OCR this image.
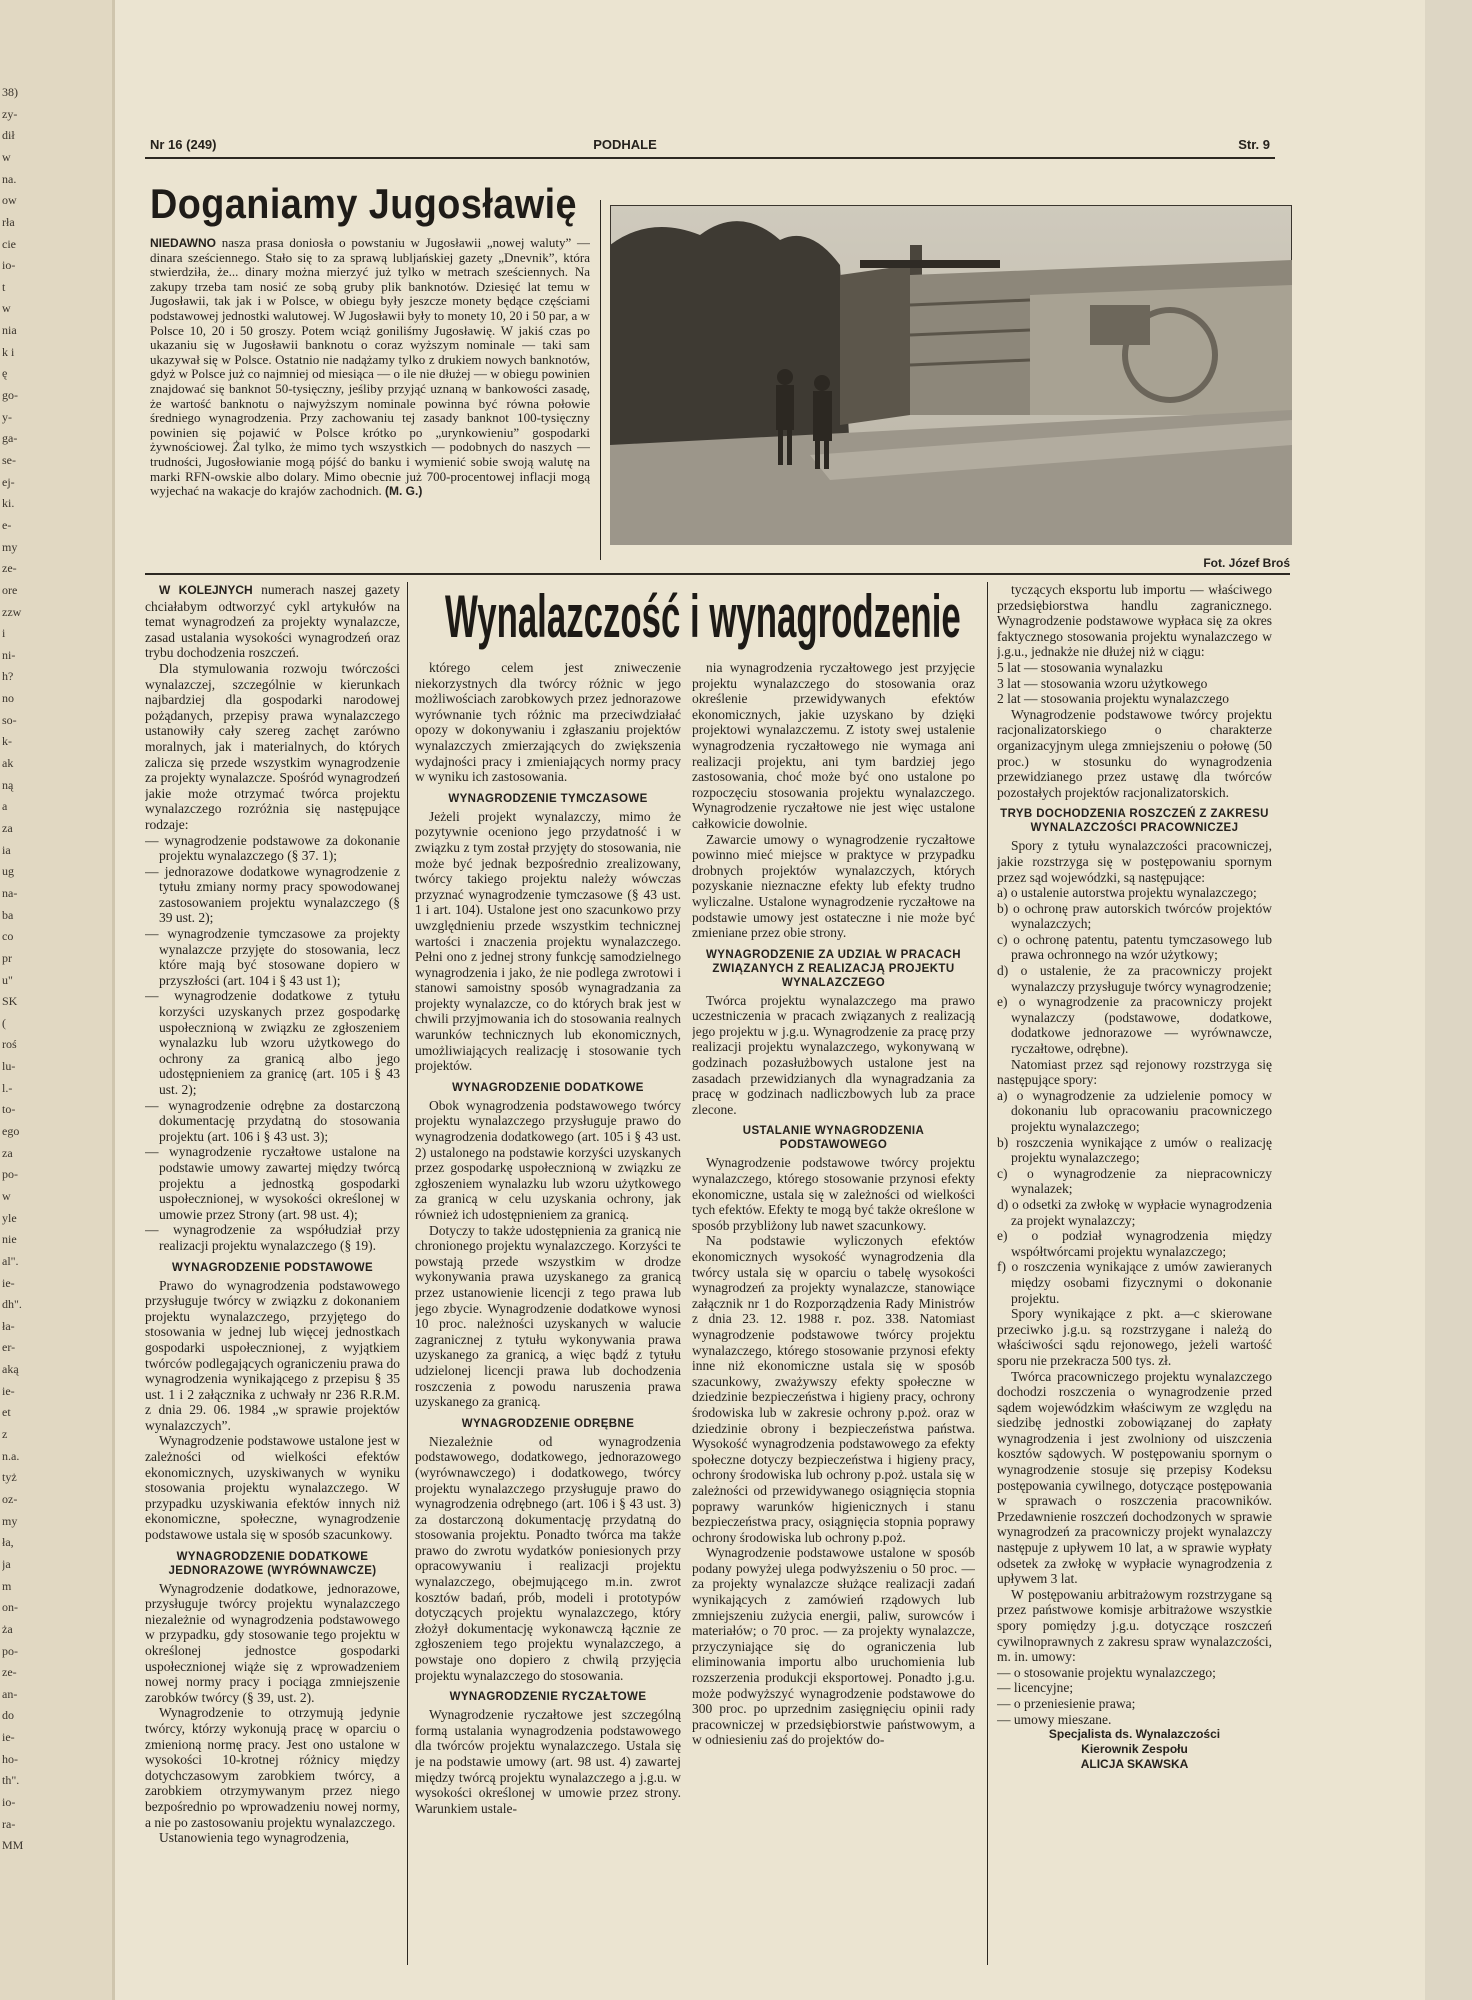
38)
zy-
dił
w
na.
ow
rła
cie
io-
t
w
nia
k i
ę
go-
y-
ga-
se-
ej-
ki.
e-
my
ze-
ore
zzw
i
ni-
h?
no
so-
k-
ak
ną
a
za
ia
ug
na-
ba
co
pr
u"
SK
(
roś
lu-
l.-
to-
ego
za
po-
w
yle
nie
al".
ie-
dh".
ła-
er-
aką
ie-
et
z
n.a.
tyż
oz-
my
ła,
ja
m
on-
ża
po-
ze-
an-
do
ie-
ho-
th".
io-
ra-
MM
Nr 16 (249)	PODHALE	Str. 9
Doganiamy Jugosławię

NIEDAWNO nasza prasa doniosła o powstaniu w Jugosławii „nowej waluty” — dinara sześciennego. Stało się to za sprawą lubljańskiej gazety „Dnevnik”, która stwierdziła, że... dinary można mierzyć już tylko w metrach sześciennych. Na zakupy trzeba tam nosić ze sobą gruby plik banknotów. Dziesięć lat temu w Jugosławii, tak jak i w Polsce, w obiegu były jeszcze monety będące częściami podstawowej jednostki walutowej. W Jugosławii były to monety 10, 20 i 50 par, a w Polsce 10, 20 i 50 groszy. Potem wciąż goniliśmy Jugosławię. W jakiś czas po ukazaniu się w Jugosławii banknotu o coraz wyższym nominale — taki sam ukazywał się w Polsce. Ostatnio nie nadążamy tylko z drukiem nowych banknotów, gdyż w Polsce już co najmniej od miesiąca — o ile nie dłużej — w obiegu powinien znajdować się banknot 50-tysięczny, jeśliby przyjąć uznaną w bankowości zasadę, że wartość banknotu o najwyższym nominale powinna być równa połowie średniego wynagrodzenia. Przy zachowaniu tej zasady banknot 100-tysięczny powinien się pojawić w Polsce krótko po „urynkowieniu” gospodarki żywnościowej. Żal tylko, że mimo tych wszystkich — podobnych do naszych — trudności, Jugosłowianie mogą pójść do banku i wymienić sobie swoją walutę na marki RFN-owskie albo dolary. Mimo obecnie już 700-procentowej inflacji mogą wyjechać na wakacje do krajów zachodnich. (M. G.)

Fot. Józef Broś
Wynalazczość i wynagrodzenie

W KOLEJNYCH numerach naszej gazety chciałabym odtworzyć cykl artykułów na temat wynagrodzeń za projekty wynalazcze, zasad ustalania wysokości wynagrodzeń oraz trybu dochodzenia roszczeń.

Dla stymulowania rozwoju twórczości wynalazczej, szczególnie w kierunkach najbardziej dla gospodarki narodowej pożądanych, przepisy prawa wynalazczego ustanowiły cały szereg zachęt zarówno moralnych, jak i materialnych, do których zalicza się przede wszystkim wynagrodzenie za projekty wynalazcze. Spośród wynagrodzeń jakie może otrzymać twórca projektu wynalazczego rozróżnia się następujące rodzaje:

— wynagrodzenie podstawowe za dokonanie projektu wynalazczego (§ 37. 1);

— jednorazowe dodatkowe wynagrodzenie z tytułu zmiany normy pracy spowodowanej zastosowaniem projektu wynalazczego (§ 39 ust. 2);

— wynagrodzenie tymczasowe za projekty wynalazcze przyjęte do stosowania, lecz które mają być stosowane dopiero w przyszłości (art. 104 i § 43 ust 1);

— wynagrodzenie dodatkowe z tytułu korzyści uzyskanych przez gospodarkę uspołecznioną w związku ze zgłoszeniem wynalazku lub wzoru użytkowego do ochrony za granicą albo jego udostępnieniem za granicę (art. 105 i § 43 ust. 2);

— wynagrodzenie odrębne za dostarczoną dokumentację przydatną do stosowania projektu (art. 106 i § 43 ust. 3);

— wynagrodzenie ryczałtowe ustalone na podstawie umowy zawartej między twórcą projektu a jednostką gospodarki uspołecznionej, w wysokości określonej w umowie przez Strony (art. 98 ust. 4);

— wynagrodzenie za współudział przy realizacji projektu wynalazczego (§ 19).

WYNAGRODZENIE PODSTAWOWE

Prawo do wynagrodzenia podstawowego przysługuje twórcy w związku z dokonaniem projektu wynalazczego, przyjętego do stosowania w jednej lub więcej jednostkach gospodarki uspołecznionej, z wyjątkiem twórców podlegających ograniczeniu prawa do wynagrodzenia wynikającego z przepisu § 35 ust. 1 i 2 załącznika z uchwały nr 236 R.R.M. z dnia 29. 06. 1984 „w sprawie projektów wynalazczych”.

Wynagrodzenie podstawowe ustalone jest w zależności od wielkości efektów ekonomicznych, uzyskiwanych w wyniku stosowania projektu wynalazczego. W przypadku uzyskiwania efektów innych niż ekonomiczne, społeczne, wynagrodzenie podstawowe ustala się w sposób szacunkowy.

WYNAGRODZENIE DODATKOWE JEDNORAZOWE (WYRÓWNAWCZE)

Wynagrodzenie dodatkowe, jednorazowe, przysługuje twórcy projektu wynalazczego niezależnie od wynagrodzenia podstawowego w przypadku, gdy stosowanie tego projektu w określonej jednostce gospodarki uspołecznionej wiąże się z wprowadzeniem nowej normy pracy i pociąga zmniejszenie zarobków twórcy (§ 39, ust. 2).

Wynagrodzenie to otrzymują jedynie twórcy, którzy wykonują pracę w oparciu o zmienioną normę pracy. Jest ono ustalone w wysokości 10-krotnej różnicy między dotychczasowym zarobkiem twórcy, a zarobkiem otrzymywanym przez niego bezpośrednio po wprowadzeniu nowej normy, a nie po zastosowaniu projektu wynalazczego.

Ustanowienia tego wynagrodzenia,

którego celem jest zniweczenie niekorzystnych dla twórcy różnic w jego możliwościach zarobkowych przez jednorazowe wyrównanie tych różnic ma przeciwdziałać opozy w dokonywaniu i zgłaszaniu projektów wynalazczych zmierzających do zwiększenia wydajności pracy i zmieniających normy pracy w wyniku ich zastosowania.

WYNAGRODZENIE TYMCZASOWE

Jeżeli projekt wynalazczy, mimo że pozytywnie oceniono jego przydatność i w związku z tym został przyjęty do stosowania, nie może być jednak bezpośrednio zrealizowany, twórcy takiego projektu należy wówczas przyznać wynagrodzenie tymczasowe (§ 43 ust. 1 i art. 104). Ustalone jest ono szacunkowo przy uwzględnieniu przede wszystkim technicznej wartości i znaczenia projektu wynalazczego. Pełni ono z jednej strony funkcję samodzielnego wynagrodzenia i jako, że nie podlega zwrotowi i stanowi samoistny sposób wynagradzania za projekty wynalazcze, co do których brak jest w chwili przyjmowania ich do stosowania realnych warunków technicznych lub ekonomicznych, umożliwiających realizację i stosowanie tych projektów.

WYNAGRODZENIE DODATKOWE

Obok wynagrodzenia podstawowego twórcy projektu wynalazczego przysługuje prawo do wynagrodzenia dodatkowego (art. 105 i § 43 ust. 2) ustalonego na podstawie korzyści uzyskanych przez gospodarkę uspołecznioną w związku ze zgłoszeniem wynalazku lub wzoru użytkowego za granicą w celu uzyskania ochrony, jak również ich udostępnieniem za granicą.

Dotyczy to także udostępnienia za granicą nie chronionego projektu wynalazczego. Korzyści te powstają przede wszystkim w drodze wykonywania prawa uzyskanego za granicą przez ustanowienie licencji z tego prawa lub jego zbycie. Wynagrodzenie dodatkowe wynosi 10 proc. należności uzyskanych w walucie zagranicznej z tytułu wykonywania prawa uzyskanego za granicą, a więc bądź z tytułu udzielonej licencji prawa lub dochodzenia roszczenia z powodu naruszenia prawa uzyskanego za granicą.

WYNAGRODZENIE ODRĘBNE

Niezależnie od wynagrodzenia podstawowego, dodatkowego, jednorazowego (wyrównawczego) i dodatkowego, twórcy projektu wynalazczego przysługuje prawo do wynagrodzenia odrębnego (art. 106 i § 43 ust. 3) za dostarczoną dokumentację przydatną do stosowania projektu. Ponadto twórca ma także prawo do zwrotu wydatków poniesionych przy opracowywaniu i realizacji projektu wynalazczego, obejmującego m.in. zwrot kosztów badań, prób, modeli i prototypów dotyczących projektu wynalazczego, który złożył dokumentację wykonawczą łącznie ze zgłoszeniem tego projektu wynalazczego, a powstaje ono dopiero z chwilą przyjęcia projektu wynalazczego do stosowania.

WYNAGRODZENIE RYCZAŁTOWE

Wynagrodzenie ryczałtowe jest szczególną formą ustalania wynagrodzenia podstawowego dla twórców projektu wynalazczego. Ustala się je na podstawie umowy (art. 98 ust. 4) zawartej między twórcą projektu wynalazczego a j.g.u. w wysokości określonej w umowie przez strony. Warunkiem ustale-

nia wynagrodzenia ryczałtowego jest przyjęcie projektu wynalazczego do stosowania oraz określenie przewidywanych efektów ekonomicznych, jakie uzyskano by dzięki projektowi wynalazczemu. Z istoty swej ustalenie wynagrodzenia ryczałtowego nie wymaga ani realizacji projektu, ani tym bardziej jego zastosowania, choć może być ono ustalone po rozpoczęciu stosowania projektu wynalazczego. Wynagrodzenie ryczałtowe nie jest więc ustalone całkowicie dowolnie.

Zawarcie umowy o wynagrodzenie ryczałtowe powinno mieć miejsce w praktyce w przypadku drobnych projektów wynalazczych, których pozyskanie nieznaczne efekty lub efekty trudno wyliczalne. Ustalone wynagrodzenie ryczałtowe na podstawie umowy jest ostateczne i nie może być zmieniane przez obie strony.

WYNAGRODZENIE ZA UDZIAŁ W PRACACH ZWIĄZANYCH Z REALIZACJĄ PROJEKTU WYNALAZCZEGO

Twórca projektu wynalazczego ma prawo uczestniczenia w pracach związanych z realizacją jego projektu w j.g.u. Wynagrodzenie za pracę przy realizacji projektu wynalazczego, wykonywaną w godzinach pozasłużbowych ustalone jest na zasadach przewidzianych dla wynagradzania za pracę w godzinach nadliczbowych lub za prace zlecone.

USTALANIE WYNAGRODZENIA PODSTAWOWEGO

Wynagrodzenie podstawowe twórcy projektu wynalazczego, którego stosowanie przynosi efekty ekonomiczne, ustala się w zależności od wielkości tych efektów. Efekty te mogą być także określone w sposób przybliżony lub nawet szacunkowy.

Na podstawie wyliczonych efektów ekonomicznych wysokość wynagrodzenia dla twórcy ustala się w oparciu o tabelę wysokości wynagrodzeń za projekty wynalazcze, stanowiące załącznik nr 1 do Rozporządzenia Rady Ministrów z dnia 23. 12. 1988 r. poz. 338. Natomiast wynagrodzenie podstawowe twórcy projektu wynalazczego, którego stosowanie przynosi efekty inne niż ekonomiczne ustala się w sposób szacunkowy, zważywszy efekty społeczne w dziedzinie bezpieczeństwa i higieny pracy, ochrony środowiska lub w zakresie ochrony p.poż. oraz w dziedzinie obrony i bezpieczeństwa państwa. Wysokość wynagrodzenia podstawowego za efekty społeczne dotyczy bezpieczeństwa i higieny pracy, ochrony środowiska lub ochrony p.poż. ustala się w zależności od przewidywanego osiągnięcia stopnia poprawy warunków higienicznych i stanu bezpieczeństwa pracy, osiągnięcia stopnia poprawy ochrony środowiska lub ochrony p.poż.

Wynagrodzenie podstawowe ustalone w sposób podany powyżej ulega podwyższeniu o 50 proc. — za projekty wynalazcze służące realizacji zadań wynikających z zamówień rządowych lub zmniejszeniu zużycia energii, paliw, surowców i materiałów; o 70 proc. — za projekty wynalazcze, przyczyniające się do ograniczenia lub eliminowania importu albo uruchomienia lub rozszerzenia produkcji eksportowej. Ponadto j.g.u. może podwyższyć wynagrodzenie podstawowe do 300 proc. po uprzednim zasięgnięciu opinii rady pracowniczej w przedsiębiorstwie państwowym, a w odniesieniu zaś do projektów do-

tyczących eksportu lub importu — właściwego przedsiębiorstwa handlu zagranicznego. Wynagrodzenie podstawowe wypłaca się za okres faktycznego stosowania projektu wynalazczego w j.g.u., jednakże nie dłużej niż w ciągu:

5 lat — stosowania wynalazku

3 lat — stosowania wzoru użytkowego

2 lat — stosowania projektu wynalazczego

Wynagrodzenie podstawowe twórcy projektu racjonalizatorskiego o charakterze organizacyjnym ulega zmniejszeniu o połowę (50 proc.) w stosunku do wynagrodzenia przewidzianego przez ustawę dla twórców pozostałych projektów racjonalizatorskich.

TRYB DOCHODZENIA ROSZCZEŃ Z ZAKRESU WYNALAZCZOŚCI PRACOWNICZEJ

Spory z tytułu wynalazczości pracowniczej, jakie rozstrzyga się w postępowaniu spornym przez sąd wojewódzki, są następujące:

a) o ustalenie autorstwa projektu wynalazczego;

b) o ochronę praw autorskich twórców projektów wynalazczych;

c) o ochronę patentu, patentu tymczasowego lub prawa ochronnego na wzór użytkowy;

d) o ustalenie, że za pracowniczy projekt wynalazczy przysługuje twórcy wynagrodzenie;

e) o wynagrodzenie za pracowniczy projekt wynalazczy (podstawowe, dodatkowe, dodatkowe jednorazowe — wyrównawcze, ryczałtowe, odrębne).

Natomiast przez sąd rejonowy rozstrzyga się następujące spory:

a) o wynagrodzenie za udzielenie pomocy w dokonaniu lub opracowaniu pracowniczego projektu wynalazczego;

b) roszczenia wynikające z umów o realizację projektu wynalazczego;

c) o wynagrodzenie za niepracowniczy wynalazek;

d) o odsetki za zwłokę w wypłacie wynagrodzenia za projekt wynalazczy;

e) o podział wynagrodzenia między współtwórcami projektu wynalazczego;

f) o roszczenia wynikające z umów zawieranych między osobami fizycznymi o dokonanie projektu.

Spory wynikające z pkt. a—c skierowane przeciwko j.g.u. są rozstrzygane i należą do właściwości sądu rejonowego, jeżeli wartość sporu nie przekracza 500 tys. zł.

Twórca pracowniczego projektu wynalazczego dochodzi roszczenia o wynagrodzenie przed sądem wojewódzkim właściwym ze względu na siedzibę jednostki zobowiązanej do zapłaty wynagrodzenia i jest zwolniony od uiszczenia kosztów sądowych. W postępowaniu spornym o wynagrodzenie stosuje się przepisy Kodeksu postępowania cywilnego, dotyczące postępowania w sprawach o roszczenia pracowników. Przedawnienie roszczeń dochodzonych w sprawie wynagrodzeń za pracowniczy projekt wynalazczy następuje z upływem 10 lat, a w sprawie wypłaty odsetek za zwłokę w wypłacie wynagrodzenia z upływem 3 lat.

W postępowaniu arbitrażowym rozstrzygane są przez państwowe komisje arbitrażowe wszystkie spory pomiędzy j.g.u. dotyczące roszczeń cywilnoprawnych z zakresu spraw wynalazczości, m. in. umowy:

— o stosowanie projektu wynalazczego;

— licencyjne;

— o przeniesienie prawa;

— umowy mieszane.

Specjalista ds. Wynalazczości

Kierownik Zespołu

ALICJA SKAWSKA
